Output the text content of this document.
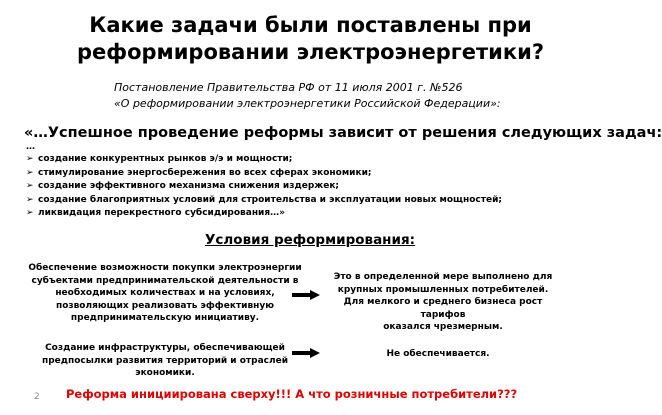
Какие задачи были поставлены при
реформировании электроэнергетики?
Постановление Правительства РФ от 11 июля 2001 г. №526
«О реформировании электроэнергетики Российской Федерации»:
«…Успешное проведение реформы зависит от решения следующих задач:
…
➢ создание конкурентных рынков э/э и мощности;
➢ стимулирование энергосбережения во всех сферах экономики;
➢ создание эффективного механизма снижения издержек;
➢ создание благоприятных условий для строительства и эксплуатации новых мощностей;
➢ ликвидация перекрестного субсидирования…»
Условия реформирования:
Обеспечение возможности покупки электроэнергии
субъектами предпринимательской деятельности в
необходимых количествах и на условиях,
позволяющих реализовать эффективную
предпринимательскую инициативу.
Это в определенной мере выполнено для
крупных промышленных потребителей.
Для мелкого и среднего бизнеса рост тарифов
оказался чрезмерным.
Создание инфраструктуры, обеспечивающей
предпосылки развития территорий и отраслей
экономики.
Не обеспечивается.
2 Реформа инициирована сверху!!! А что розничные потребители???
